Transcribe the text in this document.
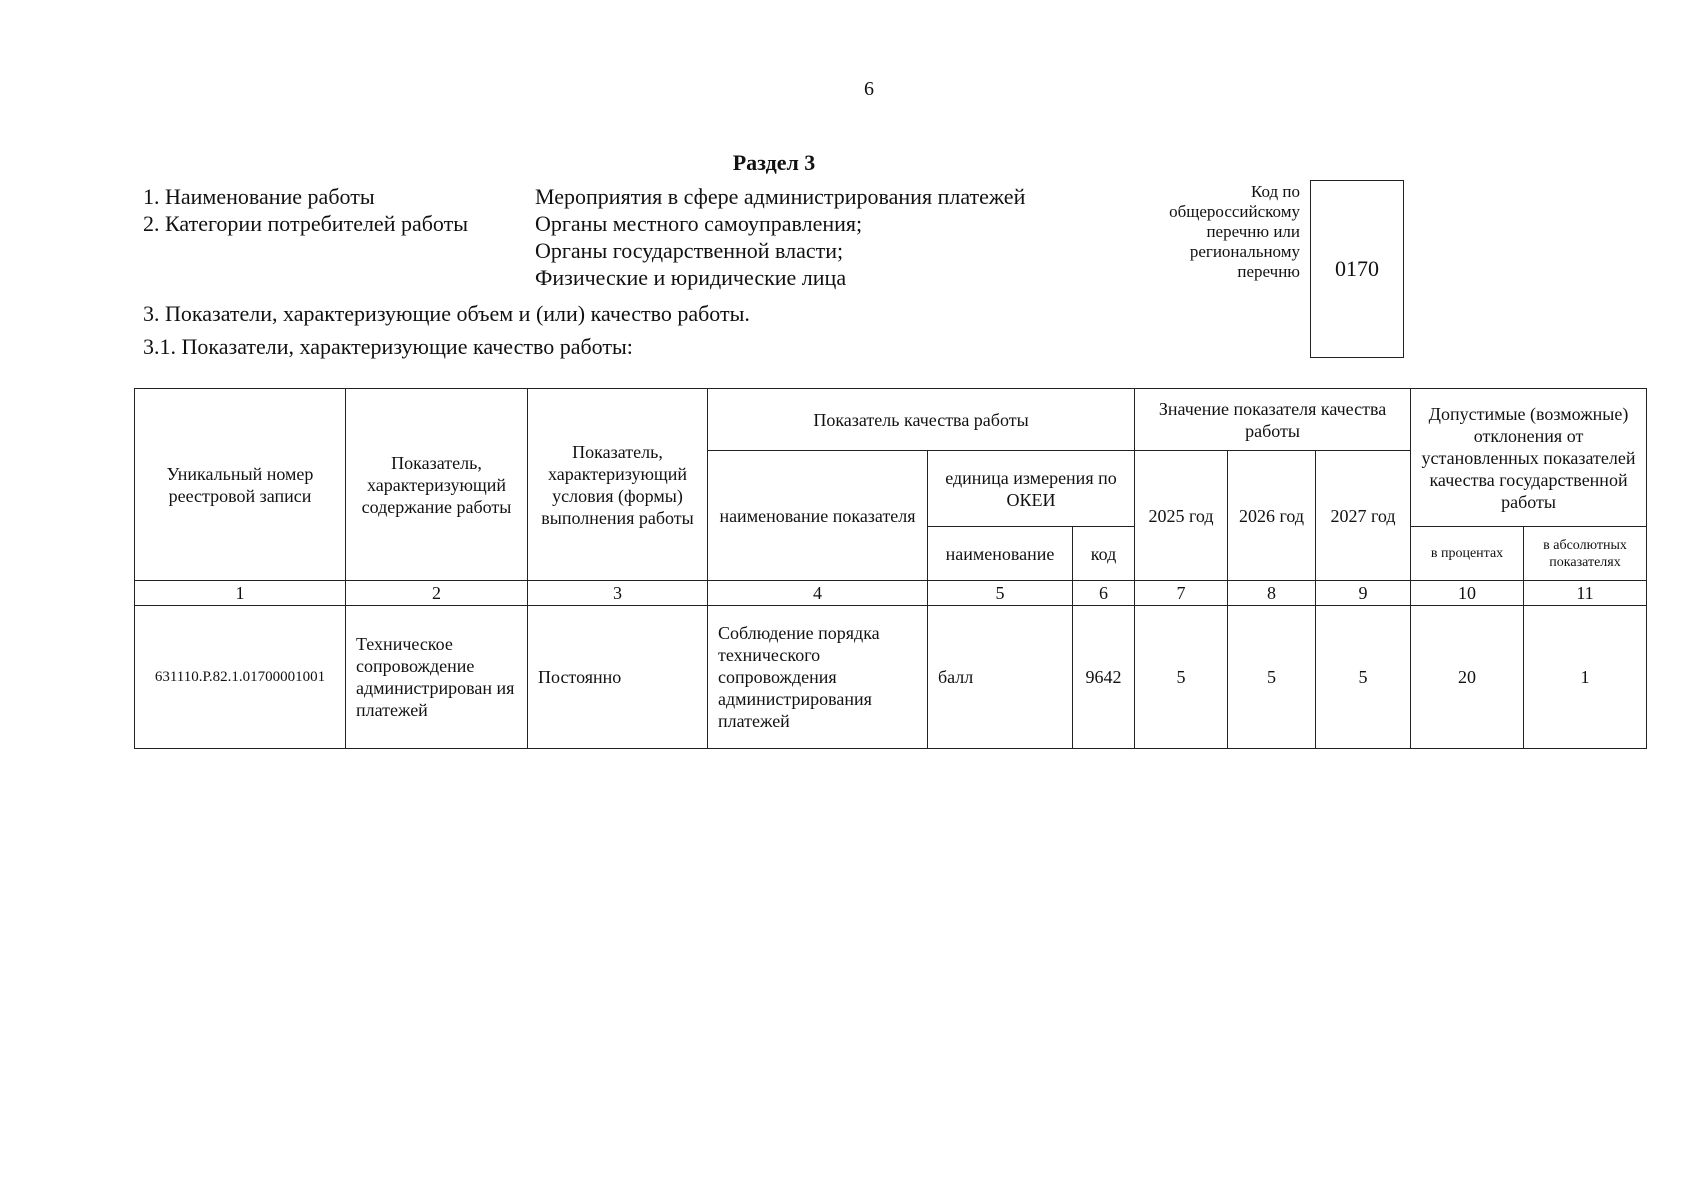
6
Раздел 3
1. Наименование работы	Мероприятия в сфере администрирования платежей
2. Категории потребителей работы	Органы местного самоуправления;
Органы государственной власти;
Физические и юридические лица
3. Показатели, характеризующие объем и (или) качество работы.
3.1. Показатели, характеризующие качество работы:
Код по
общероссийскому
перечню или
региональному
перечню 0170
Уникальный номер реестровой записи	Показатель, характеризующий содержание работы	Показатель, характеризующий условия (формы) выполнения работы	Показатель качества работы			Значение показателя качества работы			Допустимые (возможные) отклонения от установленных показателей качества государственной работы	
			наименование показателя	единица измерения по ОКЕИ		2025 год	2026 год	2027 год		
				наименование	код				в процентах	в абсолютных показателях
1	2	3	4	5	6	7	8	9	10	11
631110.Р.82.1.01700001001	Техническое сопровождение администрирован ия платежей	Постоянно	Соблюдение порядка технического сопровождения администрирования платежей	балл	9642	5	5	5	20	1
